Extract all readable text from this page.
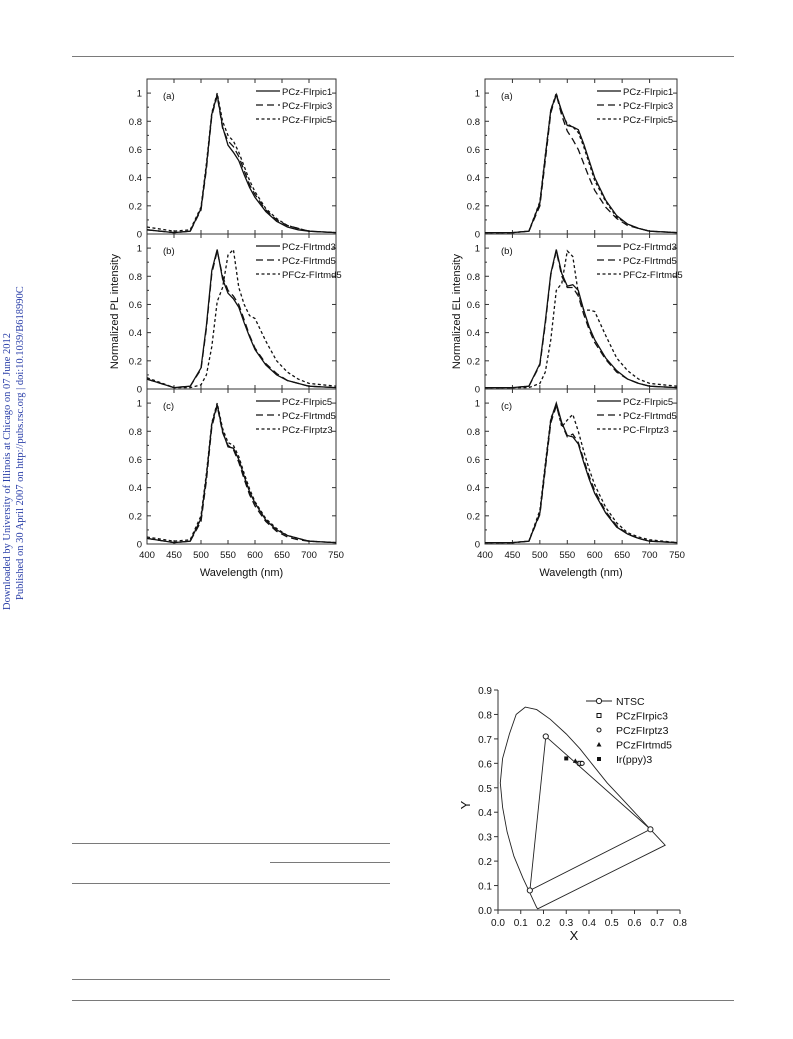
Downloaded by University of Illinois at Chicago on 07 June 2012 Published on 30 April 2007 on http://pubs.rsc.org | doi:10.1039/B618990C
0
0.2
0.4
0.6
0.8
1 (a)	PCz-FIrpic1
PCz-FIrpic3
PCz-FIrpic5
0
0.2
0.4
0.6
0.8
1 (b)	PCz-FIrtmd3
PCz-FIrtmd5
PFCz-FIrtmd5
0
0.2
0.4
0.6
0.8
1 (c)	PCz-FIrpic5
PCz-FIrtmd5
PCz-FIrptz3
400 450 500 550 600 650 700 750
Normalized PL intensity
Wavelength (nm)
0
0.2
0.4
0.6
0.8
1 (a)	PCz-FIrpic1
PCz-FIrpic3
PCz-FIrpic5
0
0.2
0.4
0.6
0.8
1 (b)	PCz-FIrtmd3
PCz-FIrtmd5
PFCz-FIrtmd5
0
0.2
0.4
0.6
0.8
1 (c)	PCz-FIrpic5
PCz-FIrtmd5
PC-FIrptz3
400 450 500 550 600 650 700 750
Normalized EL intensity
Wavelength (nm)
0.0
0.1
0.2
0.3
0.4
0.5
0.6
0.7
0.8
0.9
0.0 0.1 0.2 0.3 0.4 0.5 0.6 0.7 0.8
X
Y
NTSC
PCzFIrpic3
PCzFIrptz3
PCzFIrtmd5
Ir(ppy)3
